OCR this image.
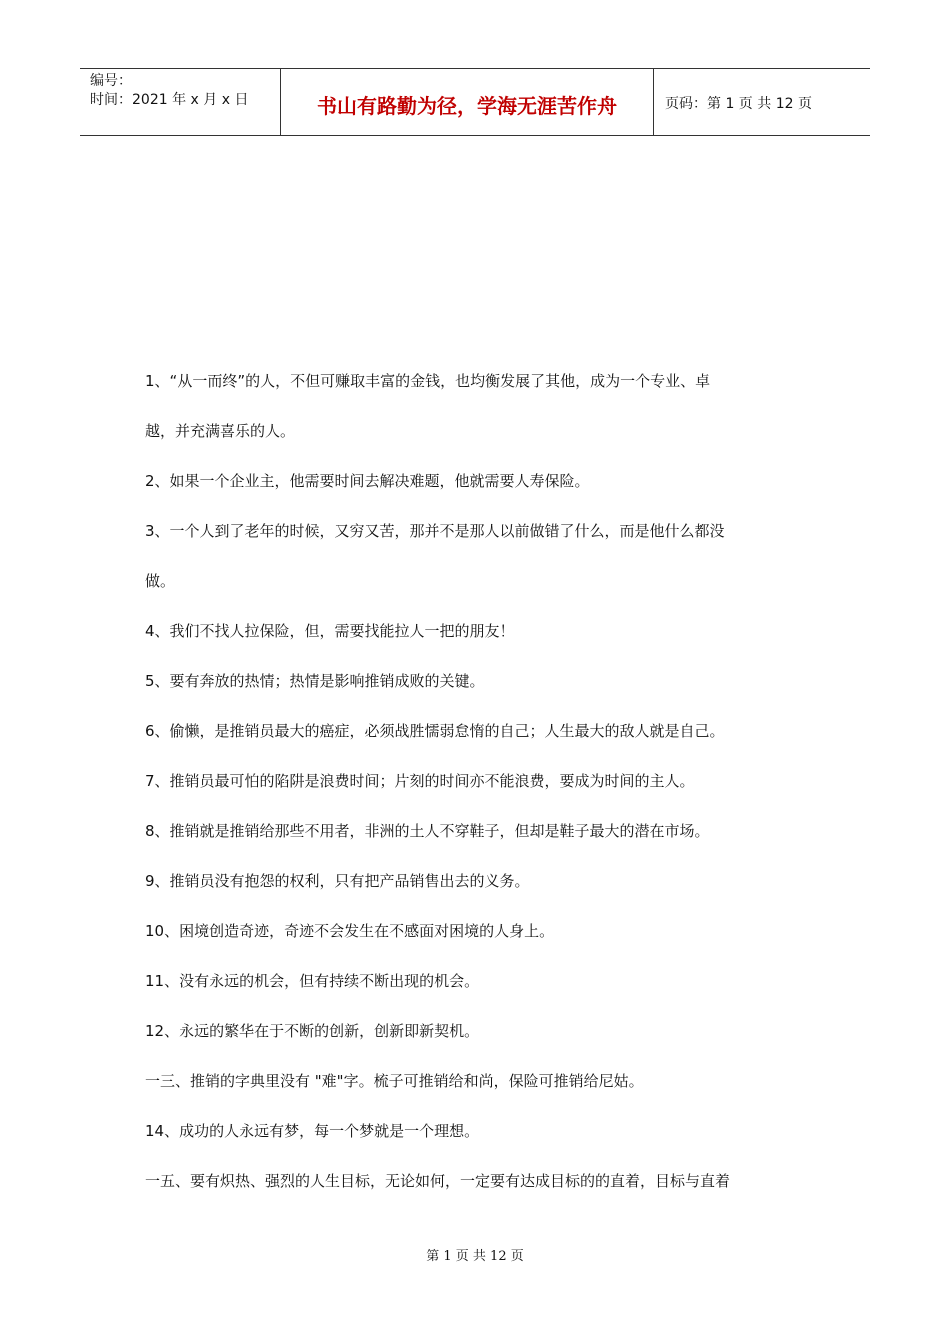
编号：
时间：2021 年 x 月 x 日	书山有路勤为径，学海无涯苦作舟	页码：第 1 页 共 12 页

1、“从一而终”的人，不但可赚取丰富的金钱，也均衡发展了其他，成为一个专业、卓

越，并充满喜乐的人。

2、如果一个企业主，他需要时间去解决难题，他就需要人寿保险。

3、一个人到了老年的时候，又穷又苦，那并不是那人以前做错了什么，而是他什么都没

做。

4、我们不找人拉保险，但，需要找能拉人一把的朋友！

5、要有奔放的热情；热情是影响推销成败的关键。

6、偷懒，是推销员最大的癌症，必须战胜懦弱怠惰的自己；人生最大的敌人就是自己。

7、推销员最可怕的陷阱是浪费时间；片刻的时间亦不能浪费，要成为时间的主人。

8、推销就是推销给那些不用者，非洲的土人不穿鞋子，但却是鞋子最大的潜在市场。

9、推销员没有抱怨的权利，只有把产品销售出去的义务。

10、困境创造奇迹，奇迹不会发生在不感面对困境的人身上。

11、没有永远的机会，但有持续不断出现的机会。

12、永远的繁华在于不断的创新，创新即新契机。

一三、推销的字典里没有 "难"字。梳子可推销给和尚，保险可推销给尼姑。

14、成功的人永远有梦，每一个梦就是一个理想。

一五、要有炽热、强烈的人生目标，无论如何，一定要有达成目标的的直着，目标与直着

第 1 页 共 12 页
